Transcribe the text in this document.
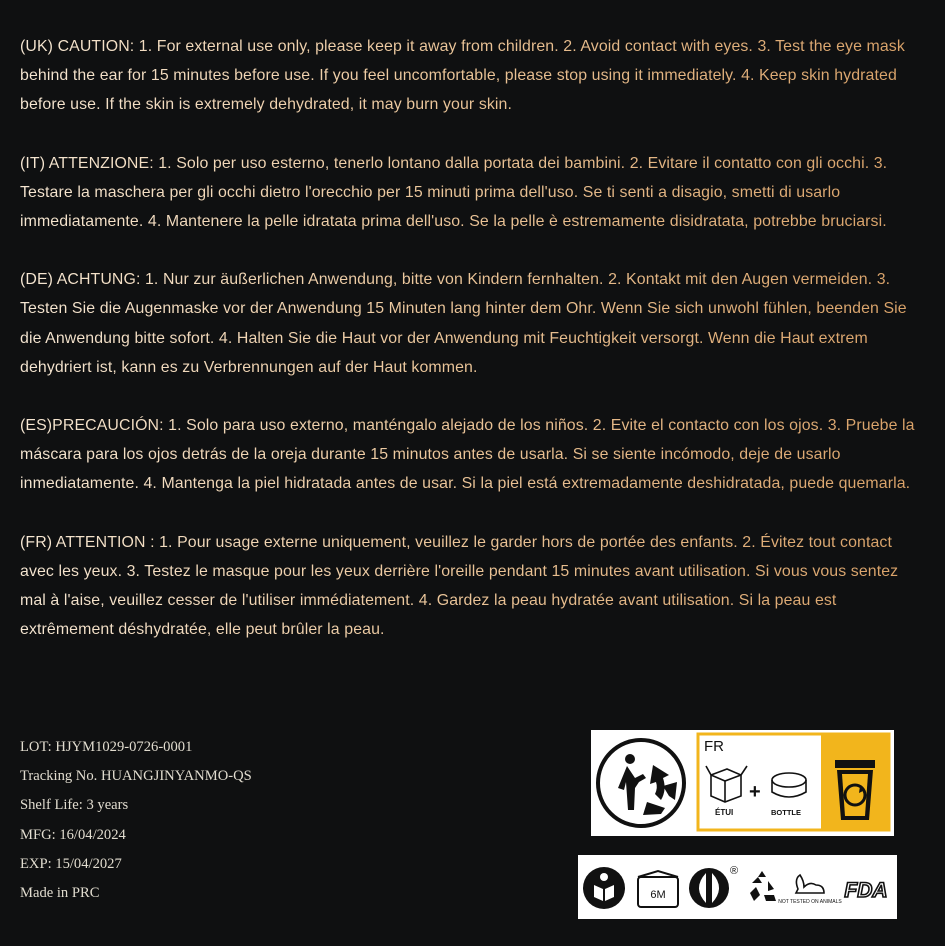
(UK) CAUTION: 1. For external use only, please keep it away from children. 2. Avoid contact with eyes. 3. Test the eye mask behind the ear for 15 minutes before use. If you feel uncomfortable, please stop using it immediately. 4. Keep skin hydrated before use. If the skin is extremely dehydrated, it may burn your skin.

(IT) ATTENZIONE: 1. Solo per uso esterno, tenerlo lontano dalla portata dei bambini. 2. Evitare il contatto con gli occhi. 3. Testare la maschera per gli occhi dietro l'orecchio per 15 minuti prima dell'uso. Se ti senti a disagio, smetti di usarlo immediatamente. 4. Mantenere la pelle idratata prima dell'uso. Se la pelle è estremamente disidratata, potrebbe bruciarsi.

(DE) ACHTUNG: 1. Nur zur äußerlichen Anwendung, bitte von Kindern fernhalten. 2. Kontakt mit den Augen vermeiden. 3. Testen Sie die Augenmaske vor der Anwendung 15 Minuten lang hinter dem Ohr. Wenn Sie sich unwohl fühlen, beenden Sie die Anwendung bitte sofort. 4. Halten Sie die Haut vor der Anwendung mit Feuchtigkeit versorgt. Wenn die Haut extrem dehydriert ist, kann es zu Verbrennungen auf der Haut kommen.

(ES)PRECAUCIÓN: 1. Solo para uso externo, manténgalo alejado de los niños. 2. Evite el contacto con los ojos. 3. Pruebe la máscara para los ojos detrás de la oreja durante 15 minutos antes de usarla. Si se siente incómodo, deje de usarlo inmediatamente. 4. Mantenga la piel hidratada antes de usar. Si la piel está extremadamente deshidratada, puede quemarla.

(FR) ATTENTION : 1. Pour usage externe uniquement, veuillez le garder hors de portée des enfants. 2. Évitez tout contact avec les yeux. 3. Testez le masque pour les yeux derrière l'oreille pendant 15 minutes avant utilisation. Si vous vous sentez mal à l'aise, veuillez cesser de l'utiliser immédiatement. 4. Gardez la peau hydratée avant utilisation. Si la peau est extrêmement déshydratée, elle peut brûler la peau.

LOT: HJYM1029-0726-0001
Tracking No. HUANGJINYANMO-QS
Shelf Life: 3 years
MFG: 16/04/2024
EXP: 15/04/2027
Made in PRC
FR
ÉTUI
+
BOTTLE
6M
®
NOT TESTED ON ANIMALS FDA
